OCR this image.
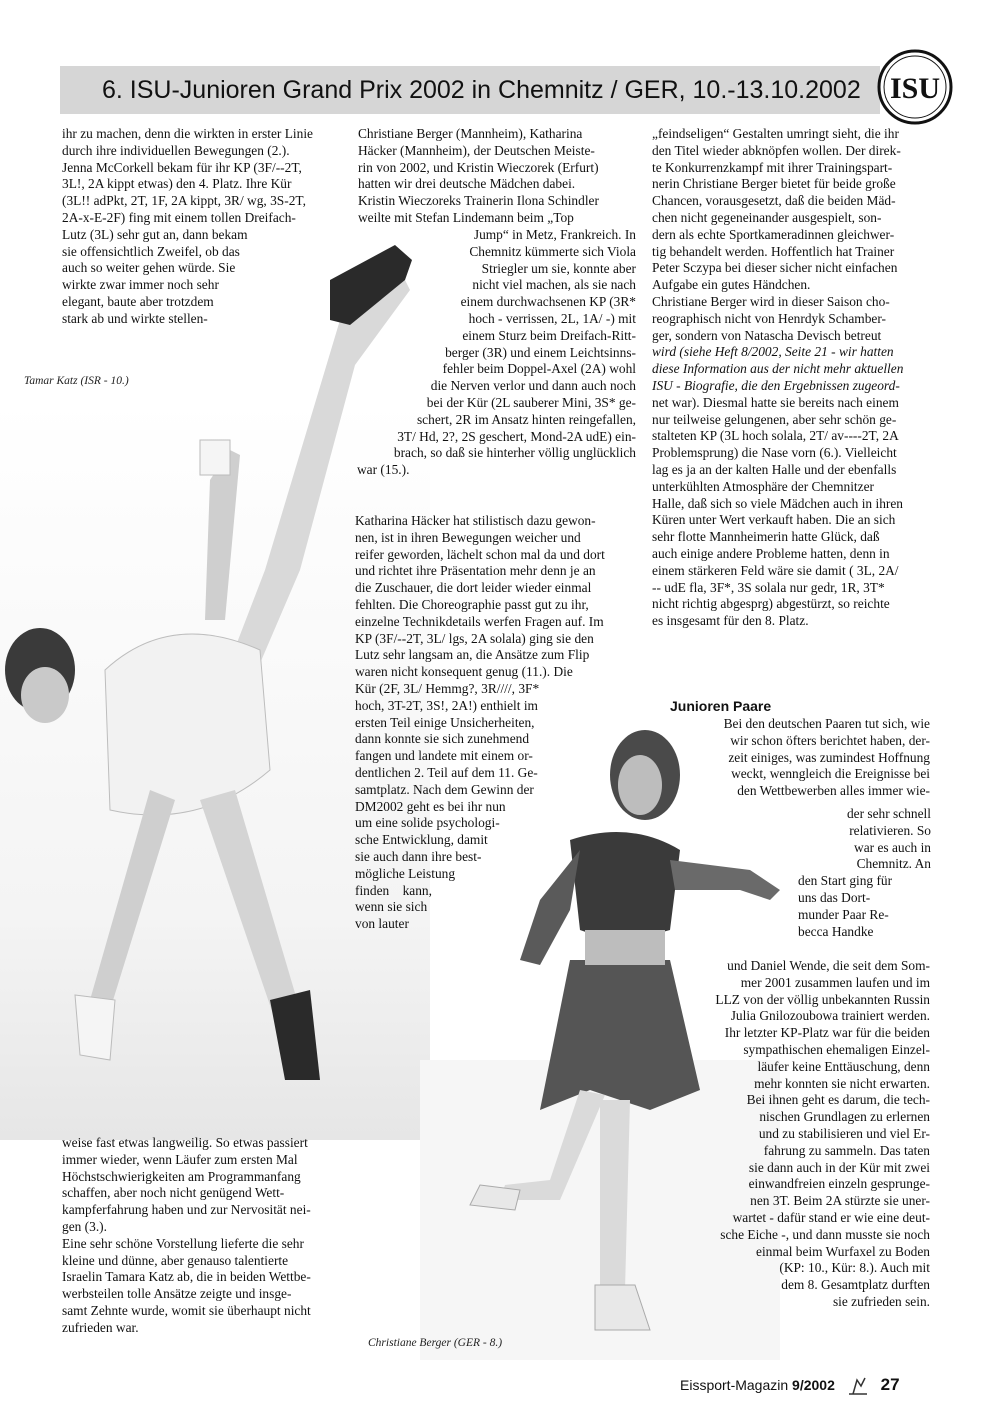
6. ISU-Junioren Grand Prix 2002 in Chemnitz / GER, 10.-13.10.2002 ISU

ihr zu machen, denn die wirkten in erster Linie

durch ihre individuellen Bewegungen (2.).

Jenna McCorkell bekam für ihr KP (3F/--2T,

3L!, 2A kippt etwas) den 4. Platz. Ihre Kür

(3L!! adPkt, 2T, 1F, 2A kippt, 3R/ wg, 3S-2T,

2A-x-E-2F) fing mit einem tollen Dreifach-

Lutz (3L) sehr gut an, dann bekam

sie offensichtlich Zweifel, ob das

auch so weiter gehen würde. Sie

wirkte zwar immer noch sehr

elegant, baute aber trotzdem

stark ab und wirkte stellen-

Tamar Katz (ISR - 10.)

weise fast etwas langweilig. So etwas passiert

immer wieder, wenn Läufer zum ersten Mal

Höchstschwierigkeiten am Programmanfang

schaffen, aber noch nicht genügend Wett-

kampferfahrung haben und zur Nervosität nei-

gen (3.).

Eine sehr schöne Vorstellung lieferte die sehr

kleine und dünne, aber genauso talentierte

Israelin Tamara Katz ab, die in beiden Wettbe-

werbsteilen tolle Ansätze zeigte und insge-

samt Zehnte wurde, womit sie überhaupt nicht

zufrieden war.

Christiane Berger (Mannheim), Katharina

Häcker (Mannheim), der Deutschen Meiste-

rin von 2002, und Kristin Wieczorek (Erfurt)

hatten wir drei deutsche Mädchen dabei.

Kristin Wieczoreks Trainerin Ilona Schindler

weilte mit Stefan Lindemann beim „Top

Jump“ in Metz, Frankreich. In

Chemnitz kümmerte sich Viola

Striegler um sie, konnte aber

nicht viel machen, als sie nach

einem durchwachsenen KP (3R*

hoch - verrissen, 2L, 1A/ -) mit

einem Sturz beim Dreifach-Ritt-

berger (3R) und einem Leichtsinns-

fehler beim Doppel-Axel (2A) wohl

die Nerven verlor und dann auch noch

bei der Kür (2L sauberer Mini, 3S* ge-

schert, 2R im Ansatz hinten reingefallen,

3T/ Hd, 2?, 2S geschert, Mond-2A udE) ein-

brach, so daß sie hinterher völlig unglücklich

war (15.).

Katharina Häcker hat stilistisch dazu gewon-

nen, ist in ihren Bewegungen weicher und

reifer geworden, lächelt schon mal da und dort

und richtet ihre Präsentation mehr denn je an

die Zuschauer, die dort leider wieder einmal

fehlten. Die Choreographie passt gut zu ihr,

einzelne Technikdetails werfen Fragen auf. Im

KP (3F/--2T, 3L/ lgs, 2A solala) ging sie den

Lutz sehr langsam an, die Ansätze zum Flip

waren nicht konsequent genug (11.). Die

Kür (2F, 3L/ Hemmg?, 3R////, 3F*

hoch, 3T-2T, 3S!, 2A!) enthielt im

ersten Teil einige Unsicherheiten,

dann konnte sie sich zunehmend

fangen und landete mit einem or-

dentlichen 2. Teil auf dem 11. Ge-

samtplatz. Nach dem Gewinn der

DM2002 geht es bei ihr nun

um eine solide psychologi-

sche Entwicklung, damit

sie auch dann ihre best-

mögliche Leistung

finden    kann,

wenn sie sich

von lauter

Christiane Berger (GER - 8.)

„feindseligen“ Gestalten umringt sieht, die ihr

den Titel wieder abknöpfen wollen. Der direk-

te Konkurrenzkampf mit ihrer Trainingspart-

nerin Christiane Berger bietet für beide große

Chancen, vorausgesetzt, daß die beiden Mäd-

chen nicht gegeneinander ausgespielt, son-

dern als echte Sportkameradinnen gleichwer-

tig behandelt werden. Hoffentlich hat Trainer

Peter Sczypa bei dieser sicher nicht einfachen

Aufgabe ein gutes Händchen.

Christiane Berger wird in dieser Saison cho-

reographisch nicht von Henrdyk Schamber-

ger, sondern von Natascha Devisch betreut

wird (siehe Heft 8/2002, Seite 21 - wir hatten

diese Information aus der nicht mehr aktuellen

ISU - Biografie, die den Ergebnissen zugeord-

net war). Diesmal hatte sie bereits nach einem

nur teilweise gelungenen, aber sehr schön ge-

stalteten KP (3L hoch solala, 2T/ av----2T, 2A

Problemsprung) die Nase vorn (6.). Vielleicht

lag es ja an der kalten Halle und der ebenfalls

unterkühlten Atmosphäre der Chemnitzer

Halle, daß sich so viele Mädchen auch in ihren

Küren unter Wert verkauft haben. Die an sich

sehr flotte Mannheimerin hatte Glück, daß

auch einige andere Probleme hatten, denn in

einem stärkeren Feld wäre sie damit ( 3L, 2A/

-- udE fla, 3F*, 3S solala nur gedr, 1R, 3T*

nicht richtig abgesprg) abgestürzt, so reichte

es insgesamt für den 8. Platz.

Junioren Paare

Bei den deutschen Paaren tut sich, wie

wir schon öfters berichtet haben, der-

zeit einiges, was zumindest Hoffnung

weckt, wenngleich die Ereignisse bei

den Wettbewerben alles immer wie-

der sehr schnell

relativieren. So

war es auch in

Chemnitz. An

den Start ging für

uns das Dort-

munder Paar Re-

becca Handke

und Daniel Wende, die seit dem Som-

mer 2001 zusammen laufen und im

LLZ von der völlig unbekannten Russin

Julia Gnilozoubowa trainiert werden.

Ihr letzter KP-Platz war für die beiden

sympathischen ehemaligen Einzel-

läufer keine Enttäuschung, denn

mehr konnten sie nicht erwarten.

Bei ihnen geht es darum, die tech-

nischen Grundlagen zu erlernen

und zu stabilisieren und viel Er-

fahrung zu sammeln. Das taten

sie dann auch in der Kür mit zwei

einwandfreien einzeln gesprunge-

nen 3T. Beim 2A stürzte sie uner-

wartet - dafür stand er wie eine deut-

sche Eiche -, und dann musste sie noch

einmal beim Wurfaxel zu Boden

(KP: 10., Kür: 8.). Auch mit

dem 8. Gesamtplatz durften

sie zufrieden sein.

Eissport-Magazin 9/2002	27
